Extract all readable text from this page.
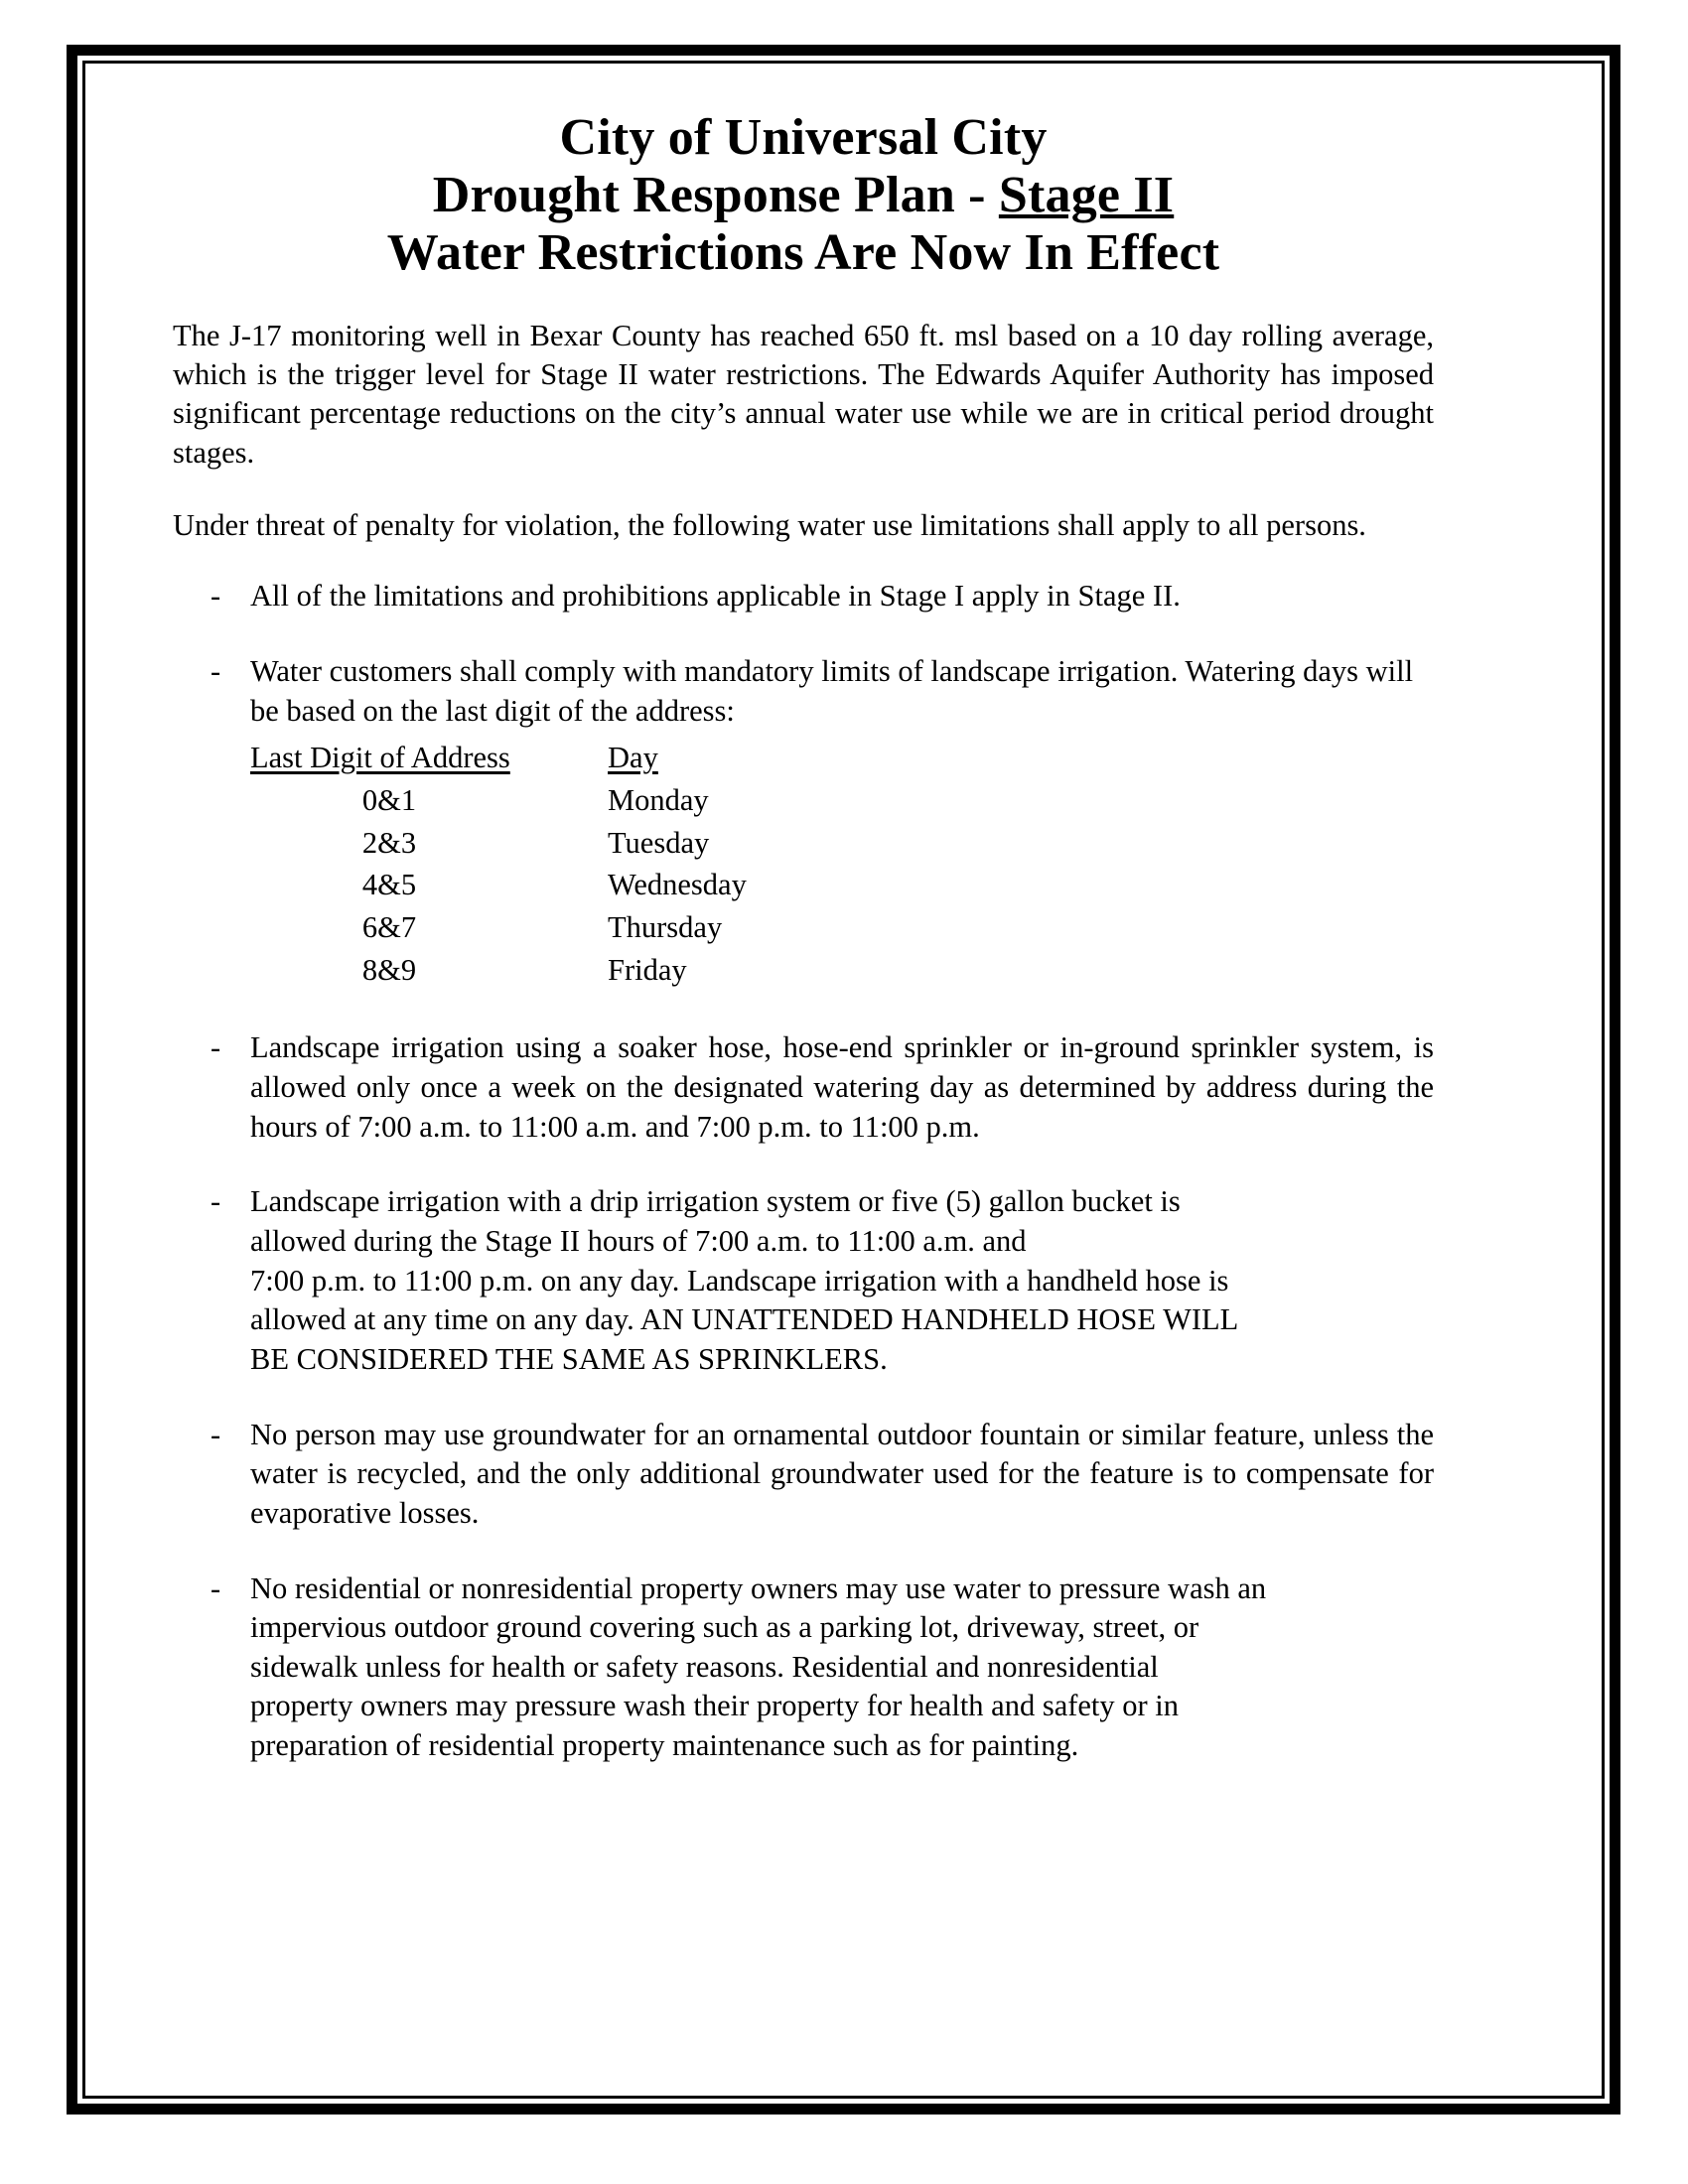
City of Universal City
Drought Response Plan - Stage II
Water Restrictions Are Now In Effect

The J-17 monitoring well in Bexar County has reached 650 ft. msl based on a 10 day rolling average, which is the trigger level for Stage II water restrictions. The Edwards Aquifer Authority has imposed significant percentage reductions on the city’s annual water use while we are in critical period drought stages.

Under threat of penalty for violation, the following water use limitations shall apply to all persons.

- All of the limitations and prohibitions applicable in Stage I apply in Stage II.
- Water customers shall comply with mandatory limits of landscape irrigation. Watering days will be based on the last digit of the address:
Last Digit of Address	Day
0&1	Monday
2&3	Tuesday
4&5	Wednesday
6&7	Thursday
8&9	Friday
- Landscape irrigation using a soaker hose, hose-end sprinkler or in-ground sprinkler system, is allowed only once a week on the designated watering day as determined by address during the hours of 7:00 a.m. to 11:00 a.m. and 7:00 p.m. to 11:00 p.m.
- Landscape irrigation with a drip irrigation system or five (5) gallon bucket is
allowed during the Stage II hours of 7:00 a.m. to 11:00 a.m. and
7:00 p.m. to 11:00 p.m. on any day. Landscape irrigation with a handheld hose is
allowed at any time on any day. AN UNATTENDED HANDHELD HOSE WILL
BE CONSIDERED THE SAME AS SPRINKLERS.
- No person may use groundwater for an ornamental outdoor fountain or similar feature, unless the water is recycled, and the only additional groundwater used for the feature is to compensate for evaporative losses.
- No residential or nonresidential property owners may use water to pressure wash an
impervious outdoor ground covering such as a parking lot, driveway, street, or
sidewalk unless for health or safety reasons. Residential and nonresidential
property owners may pressure wash their property for health and safety or in
preparation of residential property maintenance such as for painting.
